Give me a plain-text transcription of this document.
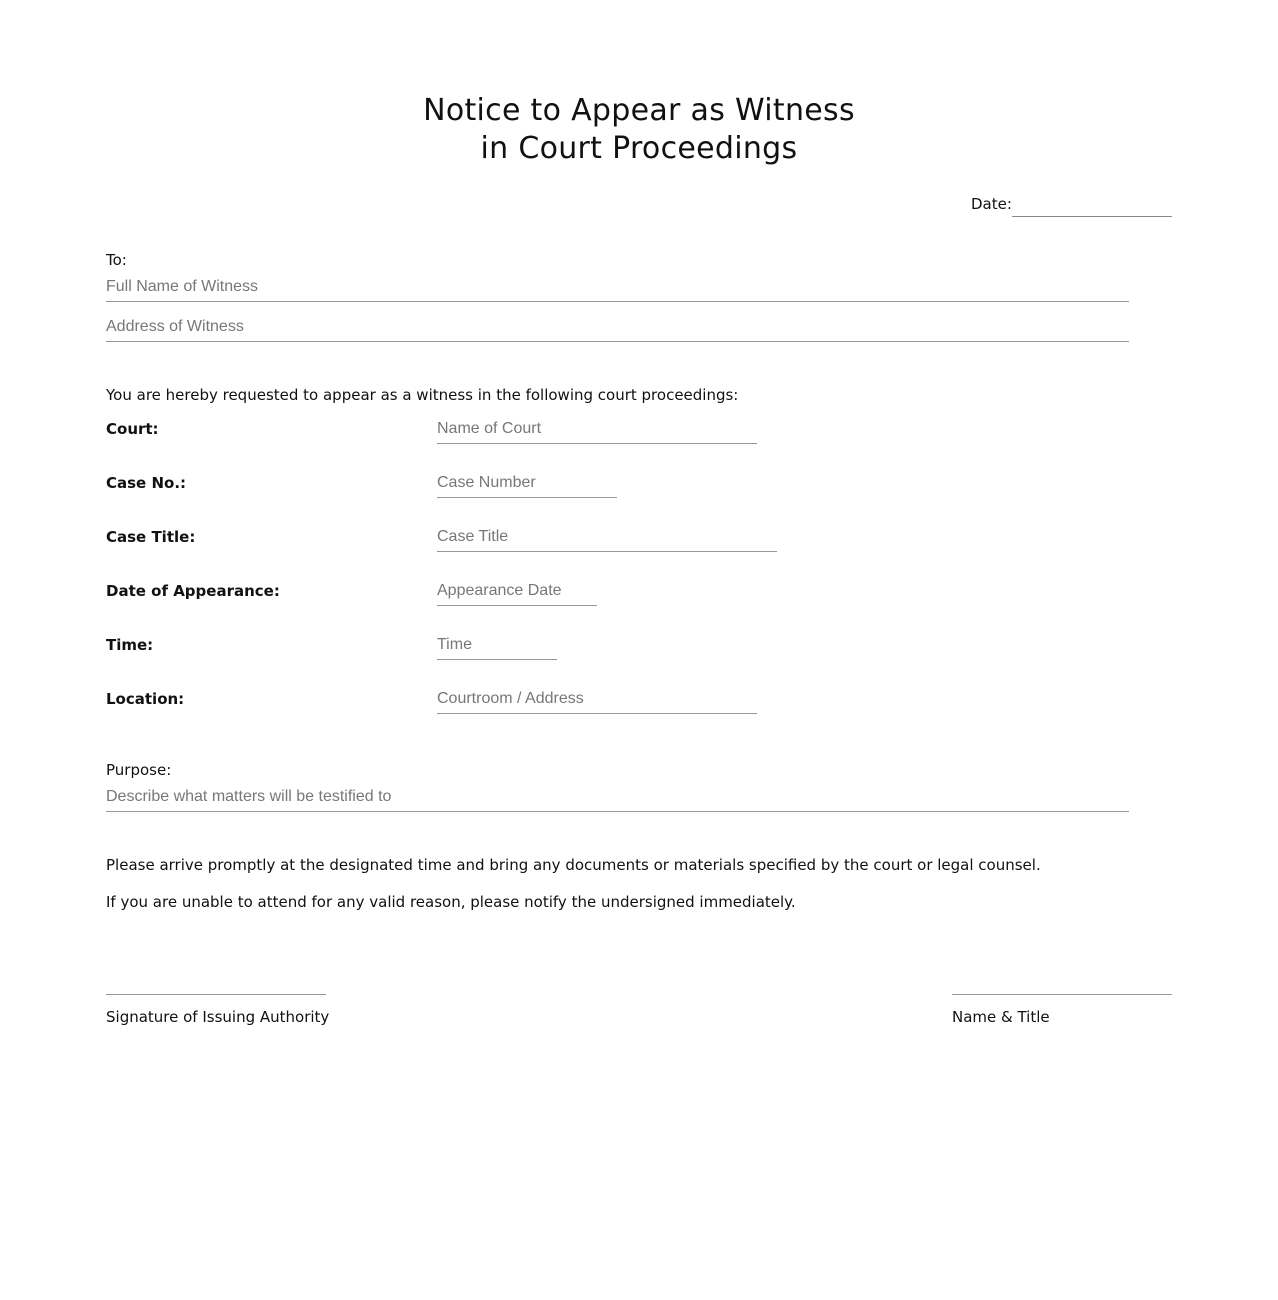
Notice to Appear as Witness
in Court Proceedings
Date:
To:
Full Name of Witness
Address of Witness
You are hereby requested to appear as a witness in the following court proceedings:
Court:
Name of Court
Case No.:
Case Number
Case Title:
Case Title
Date of Appearance:
Appearance Date
Time:
Time
Location:
Courtroom / Address
Purpose:
Describe what matters will be testified to

Please arrive promptly at the designated time and bring any documents or materials specified by the court or legal counsel.

If you are unable to attend for any valid reason, please notify the undersigned immediately.

Signature of Issuing Authority	Name & Title
